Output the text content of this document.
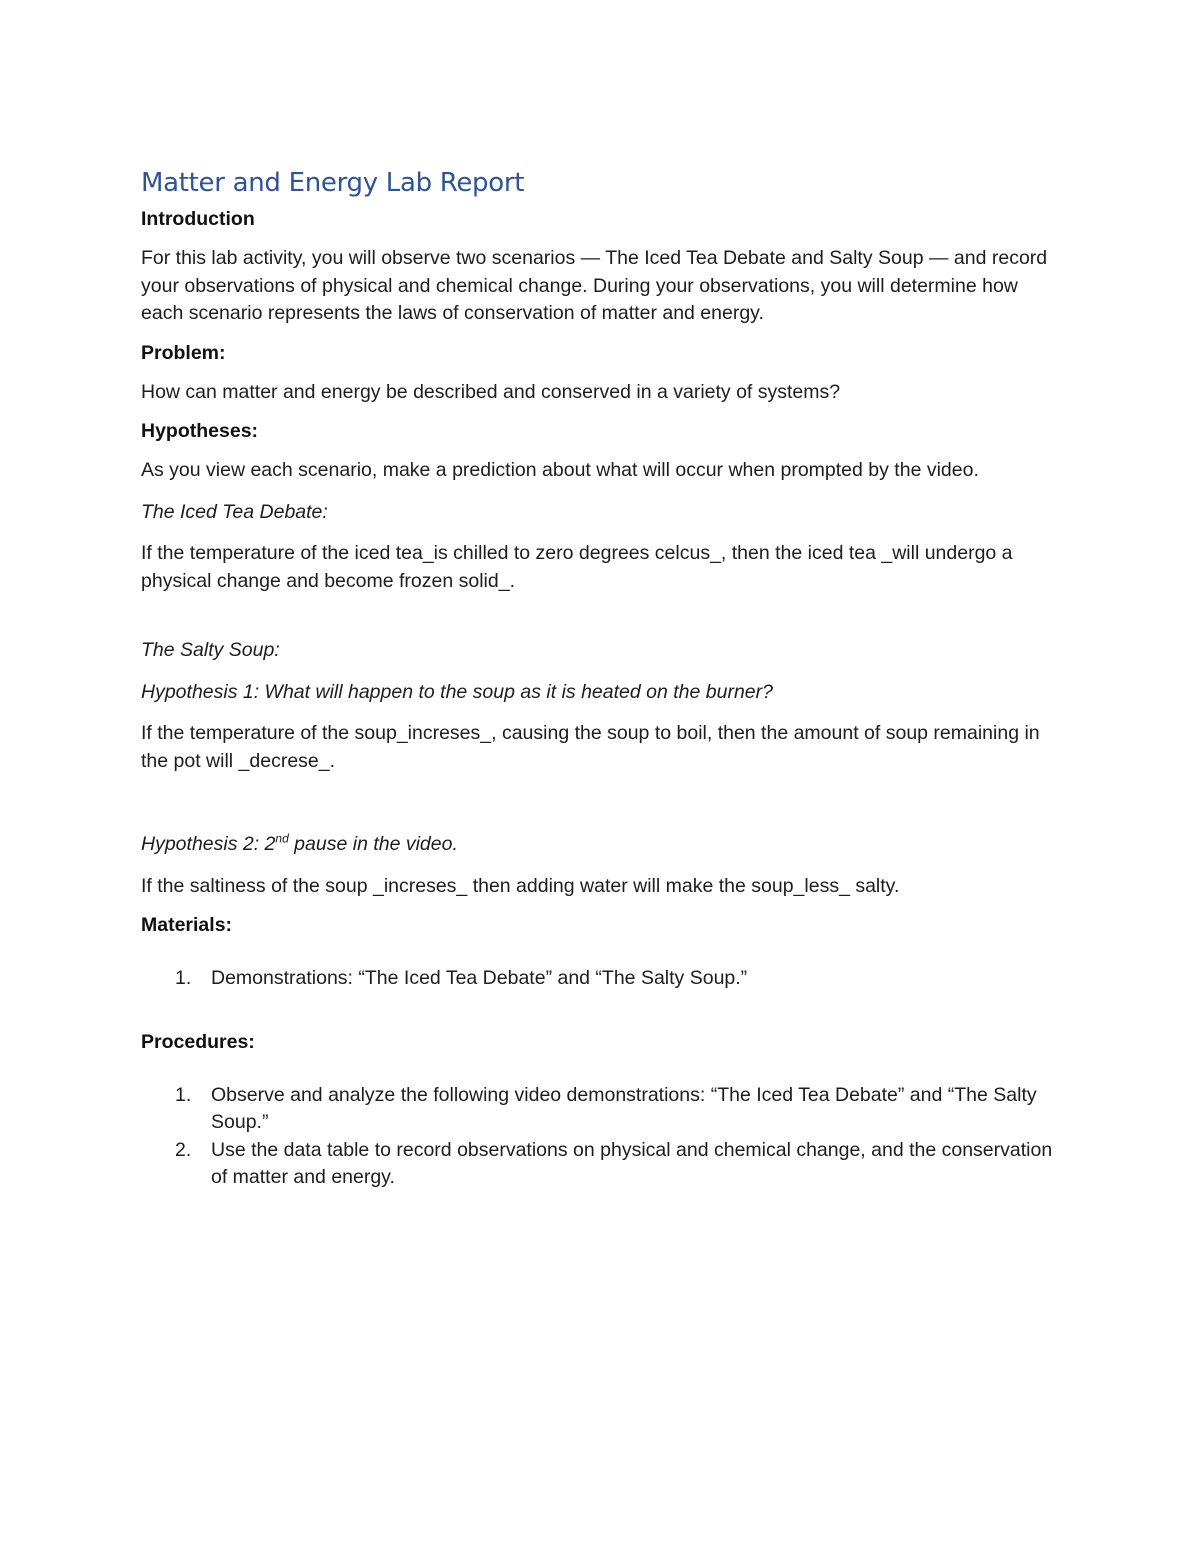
Matter and Energy Lab Report
Introduction
For this lab activity, you will observe two scenarios — The Iced Tea Debate and Salty Soup — and record your observations of physical and chemical change. During your observations, you will determine how each scenario represents the laws of conservation of matter and energy.
Problem:
How can matter and energy be described and conserved in a variety of systems?
Hypotheses:
As you view each scenario, make a prediction about what will occur when prompted by the video.
The Iced Tea Debate:
If the temperature of the iced tea_is chilled to zero degrees celcus_, then the iced tea _will undergo a physical change and become frozen solid_.
The Salty Soup:
Hypothesis 1: What will happen to the soup as it is heated on the burner?
If the temperature of the soup_increses_, causing the soup to boil, then the amount of soup remaining in the pot will _decrese_.
Hypothesis 2: 2nd pause in the video.
If the saltiness of the soup _increses_ then adding water will make the soup_less_ salty.
Materials:
1. Demonstrations: “The Iced Tea Debate” and “The Salty Soup.”
Procedures:
1. Observe and analyze the following video demonstrations: “The Iced Tea Debate” and “The Salty Soup.”
2. Use the data table to record observations on physical and chemical change, and the conservation of matter and energy.
